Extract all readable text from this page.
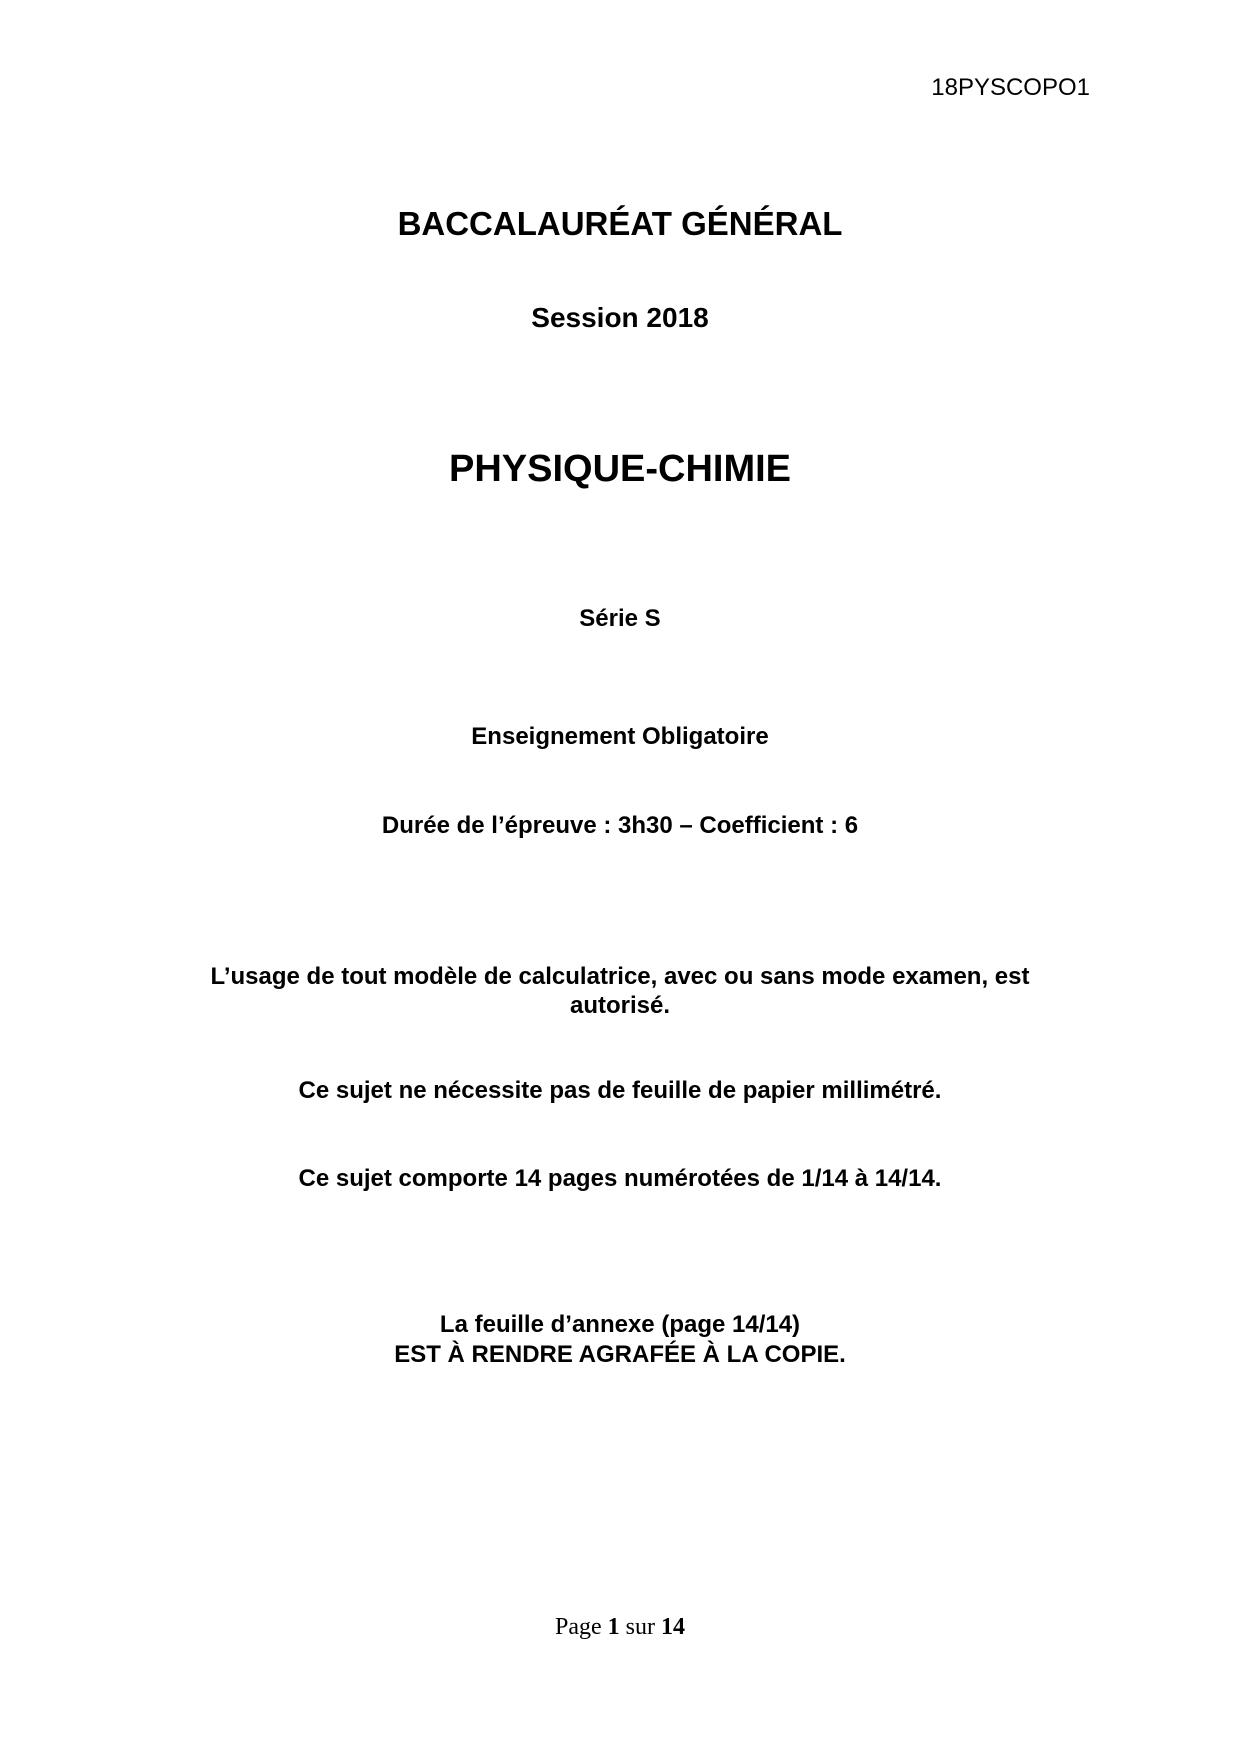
18PYSCOPO1
BACCALAURÉAT GÉNÉRAL
Session 2018
PHYSIQUE-CHIMIE
Série S
Enseignement Obligatoire
Durée de l’épreuve : 3h30 – Coefficient : 6
L’usage de tout modèle de calculatrice, avec ou sans mode examen, est
autorisé.
Ce sujet ne nécessite pas de feuille de papier millimétré.
Ce sujet comporte 14 pages numérotées de 1/14 à 14/14.
La feuille d’annexe (page 14/14)
EST À RENDRE AGRAFÉE À LA COPIE.
Page 1 sur 14
